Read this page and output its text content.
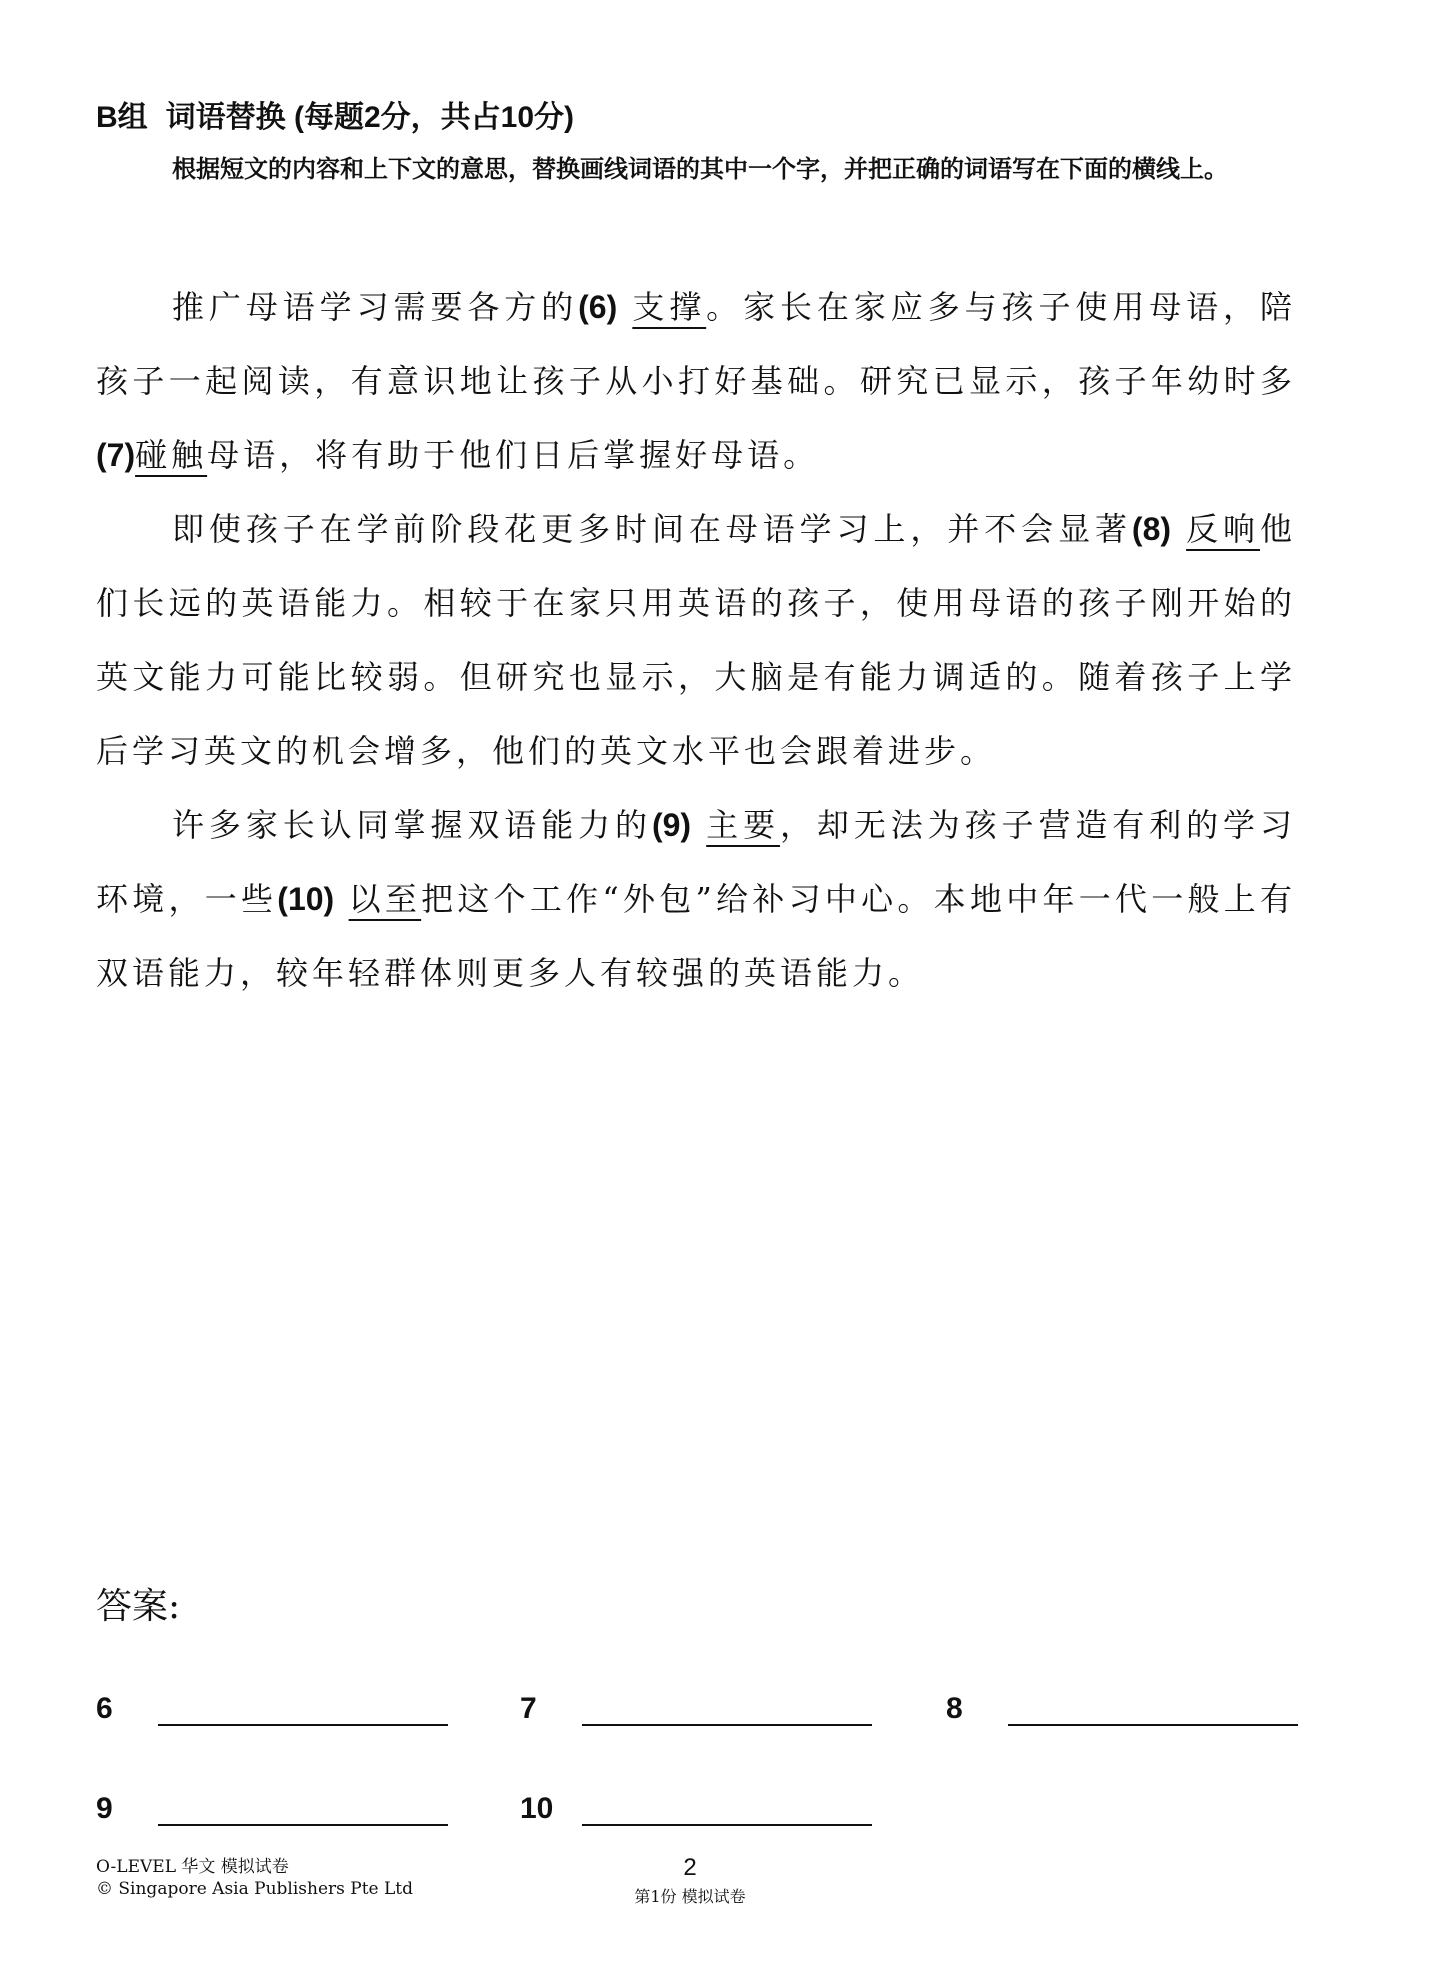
B组 词语替换 (每题2分，共占10分)
根据短文的内容和上下文的意思，替换画线词语的其中一个字，并把正确的词语写在下面的横线上。

推广母语学习需要各方的(6) 支撑。家长在家应多与孩子使用母语，陪孩子一起阅读，有意识地让孩子从小打好基础。研究已显示，孩子年幼时多(7)碰触母语，将有助于他们日后掌握好母语。

即使孩子在学前阶段花更多时间在母语学习上，并不会显著(8) 反响他们长远的英语能力。相较于在家只用英语的孩子，使用母语的孩子刚开始的英文能力可能比较弱。但研究也显示，大脑是有能力调适的。随着孩子上学后学习英文的机会增多，他们的英文水平也会跟着进步。

许多家长认同掌握双语能力的(9) 主要，却无法为孩子营造有利的学习环境，一些(10) 以至把这个工作“外包”给补习中心。本地中年一代一般上有双语能力，较年轻群体则更多人有较强的英语能力。

答案:
6	7	8
9	10
O-LEVEL 华文 模拟试卷
© Singapore Asia Publishers Pte Ltd
2
第1份 模拟试卷
